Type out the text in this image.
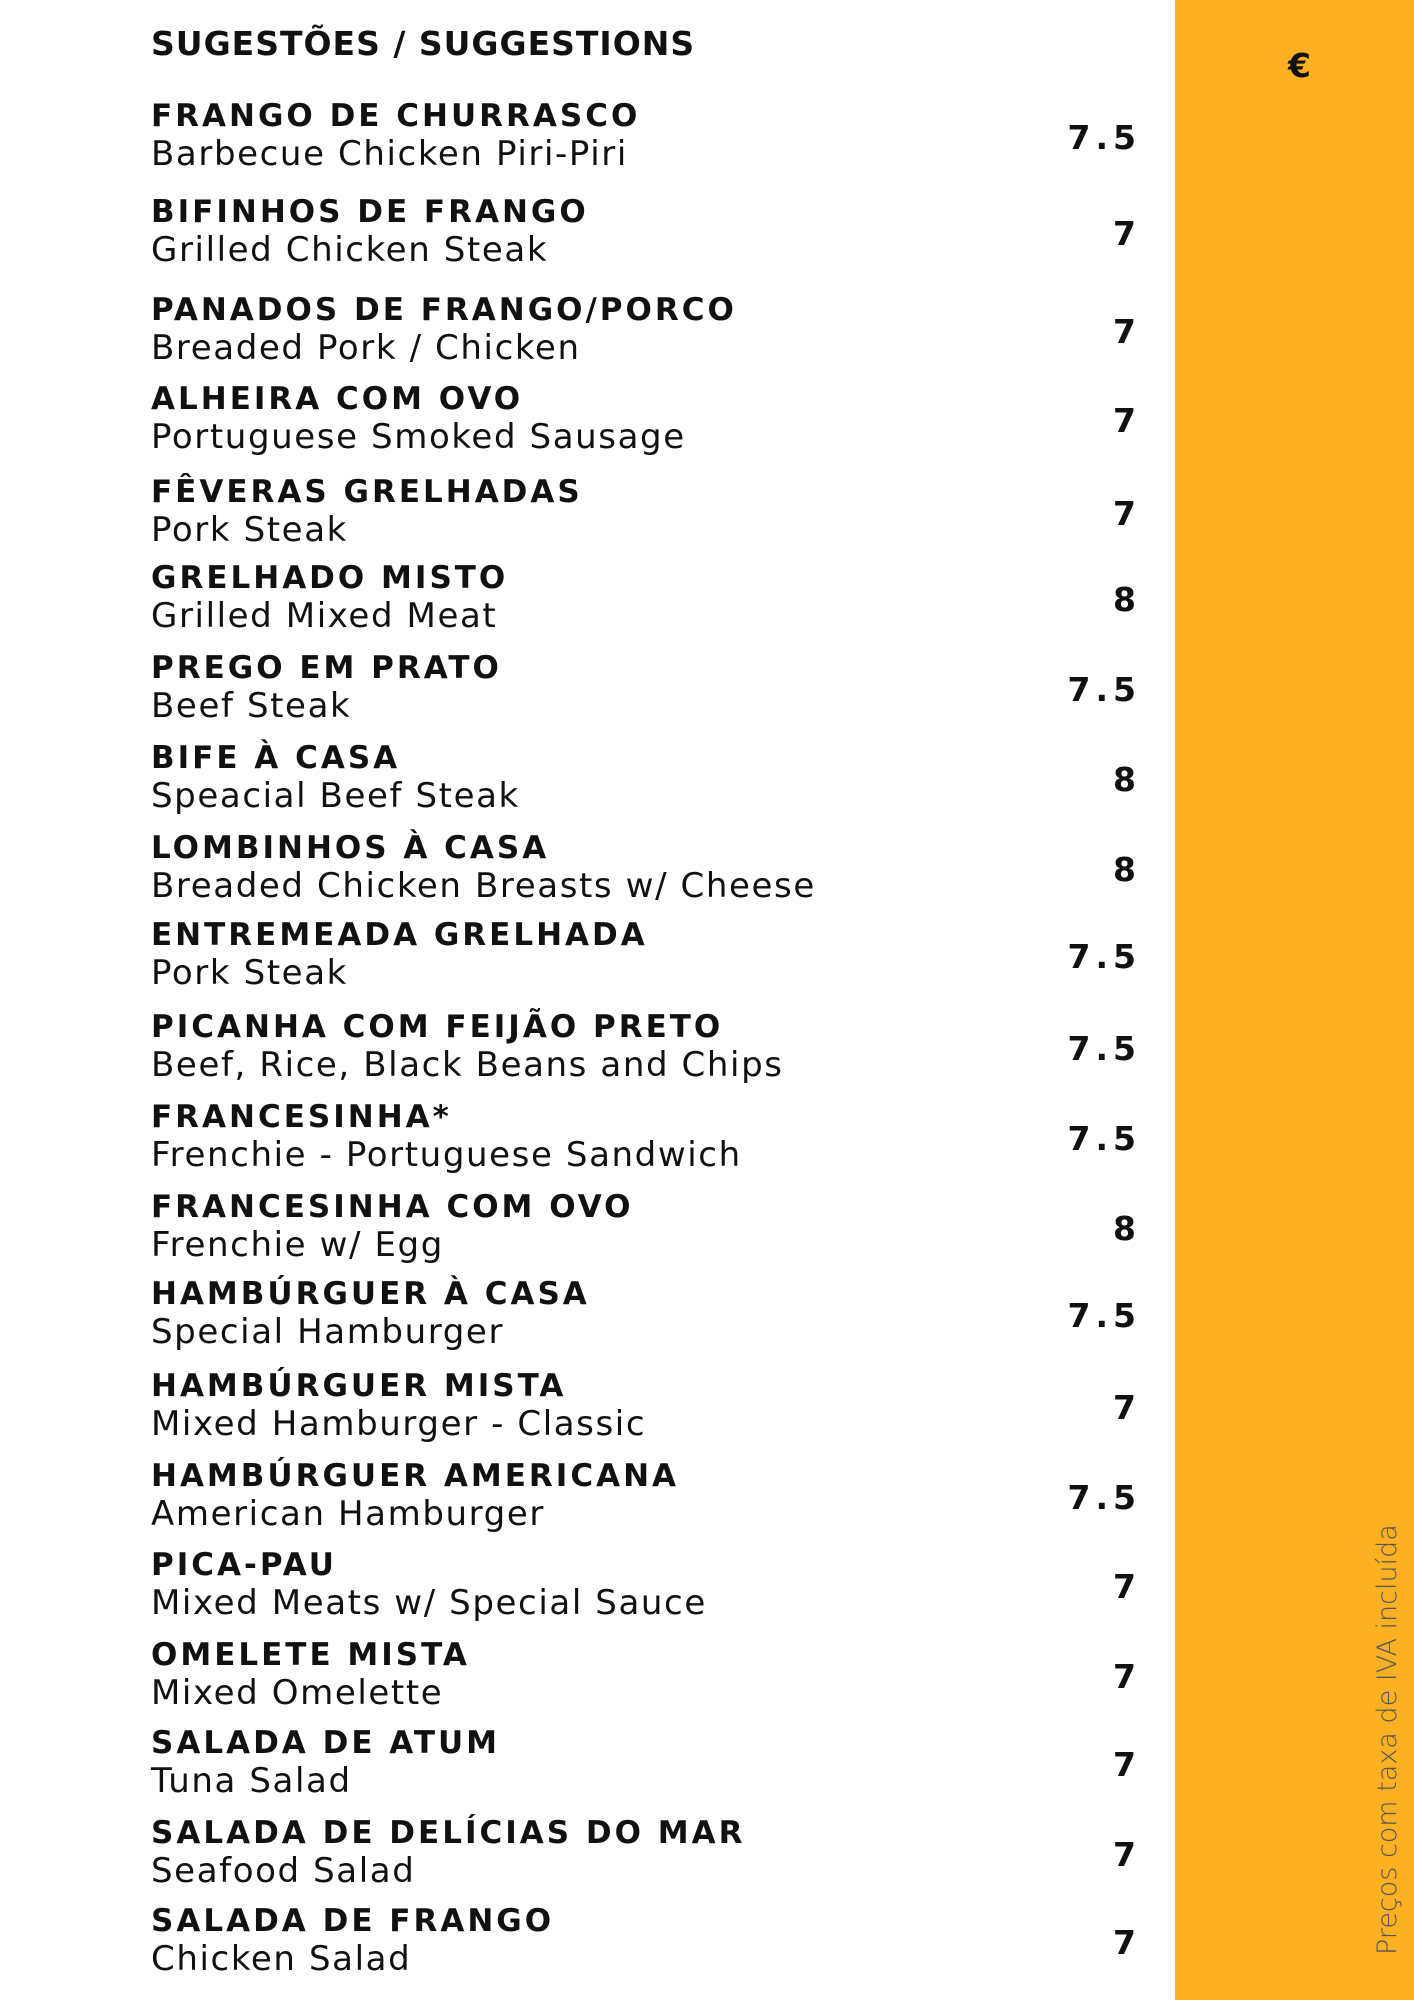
SUGESTÕES / SUGGESTIONS
€
FRANGO DE CHURRASCO
Barbecue Chicken Piri-Piri	7.5
BIFINHOS DE FRANGO
Grilled Chicken Steak	7
PANADOS DE FRANGO/PORCO
Breaded Pork / Chicken	7
ALHEIRA COM OVO
Portuguese Smoked Sausage	7
FÊVERAS GRELHADAS
Pork Steak	7
GRELHADO MISTO
Grilled Mixed Meat	8
PREGO EM PRATO
Beef Steak	7.5
BIFE À CASA
Speacial Beef Steak	8
LOMBINHOS À CASA
Breaded Chicken Breasts w/ Cheese	8
ENTREMEADA GRELHADA
Pork Steak	7.5
PICANHA COM FEIJÃO PRETO
Beef, Rice, Black Beans and Chips	7.5
FRANCESINHA*
Frenchie - Portuguese Sandwich	7.5
FRANCESINHA COM OVO
Frenchie w/ Egg	8
HAMBÚRGUER À CASA
Special Hamburger	7.5
HAMBÚRGUER MISTA
Mixed Hamburger - Classic	7
HAMBÚRGUER AMERICANA
American Hamburger	7.5
PICA-PAU
Mixed Meats w/ Special Sauce	7
OMELETE MISTA
Mixed Omelette	7
SALADA DE ATUM
Tuna Salad	7
SALADA DE DELÍCIAS DO MAR
Seafood Salad	7
SALADA DE FRANGO
Chicken Salad	7	Preços com taxa de IVA incluída
